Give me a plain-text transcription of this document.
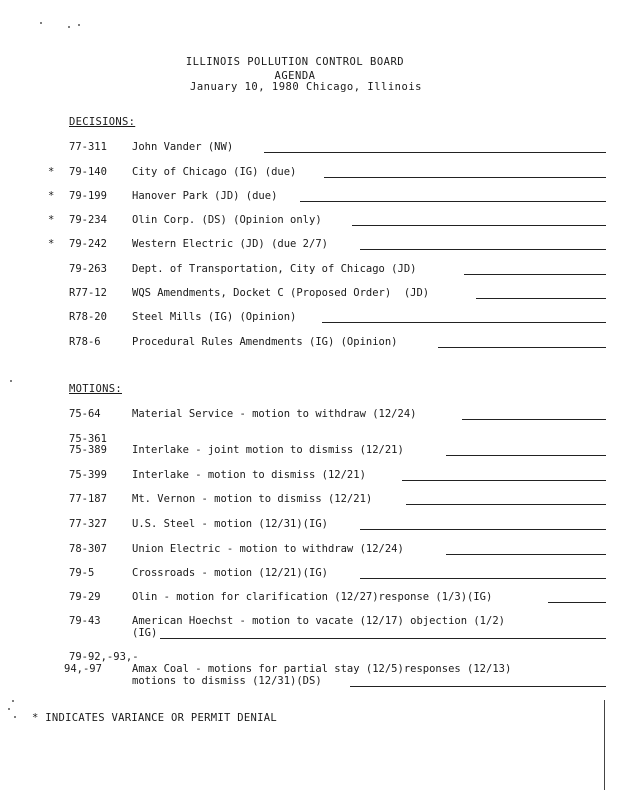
ILLINOIS POLLUTION CONTROL BOARD
AGENDA
January 10, 1980 Chicago, Illinois
DECISIONS:
77-311 John Vander (NW)
* 79-140 City of Chicago (IG) (due)
* 79-199 Hanover Park (JD) (due)
* 79-234 Olin Corp. (DS) (Opinion only)
* 79-242 Western Electric (JD) (due 2/7)
79-263 Dept. of Transportation, City of Chicago (JD)
R77-12 WQS Amendments, Docket C (Proposed Order)  (JD)
R78-20 Steel Mills (IG) (Opinion)
R78-6	Procedural Rules Amendments (IG) (Opinion)
MOTIONS:
75-64	Material Service - motion to withdraw (12/24)
75-361
75-389 Interlake - joint motion to dismiss (12/21)
75-399 Interlake - motion to dismiss (12/21)
77-187 Mt. Vernon - motion to dismiss (12/21)
77-327 U.S. Steel - motion (12/31)(IG)
78-307 Union Electric - motion to withdraw (12/24)
79-5	Crossroads - motion (12/21)(IG)
79-29	Olin - motion for clarification (12/27)response (1/3)(IG)
79-43	American Hoechst - motion to vacate (12/17) objection (1/2)
(IG)
79-92,-93,-
94,-97	Amax Coal - motions for partial stay (12/5)responses (12/13)
motions to dismiss (12/31)(DS)
* INDICATES VARIANCE OR PERMIT DENIAL
